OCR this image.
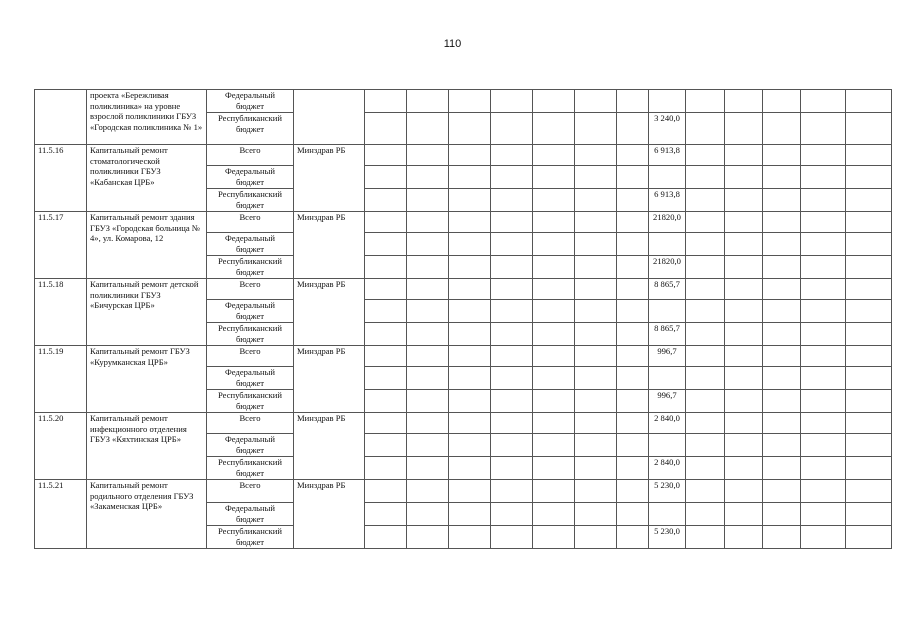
110
	проекта «Бережливая поликлиника» на уровне взрослой поликлиники ГБУЗ «Городская поликлиника № 1»	Федеральный бюджет														
		Республиканский бюджет									3 240,0					
11.5.16	Капитальный ремонт стоматологической поликлиники ГБУЗ «Кабанская ЦРБ»	Всего	Минздрав РБ								6 913,8					
		Федеральный бюджет														
		Республиканский бюджет									6 913,8					
11.5.17	Капитальный ремонт здания ГБУЗ «Городская больница № 4», ул. Комарова, 12	Всего	Минздрав РБ								21820,0					
		Федеральный бюджет														
		Республиканский бюджет									21820,0					
11.5.18	Капитальный ремонт детской поликлиники ГБУЗ «Бичурская ЦРБ»	Всего	Минздрав РБ								8 865,7					
		Федеральный бюджет														
		Республиканский бюджет									8 865,7					
11.5.19	Капитальный ремонт ГБУЗ «Курумканская ЦРБ»	Всего	Минздрав РБ								996,7					
		Федеральный бюджет														
		Республиканский бюджет									996,7					
11.5.20	Капитальный ремонт инфекционного отделения ГБУЗ «Кяхтинская ЦРБ»	Всего	Минздрав РБ								2 840,0					
		Федеральный бюджет														
		Республиканский бюджет									2 840,0					
11.5.21	Капитальный ремонт родильного отделения ГБУЗ «Закаменская ЦРБ»	Всего	Минздрав РБ								5 230,0					
		Федеральный бюджет														
		Республиканский бюджет									5 230,0					
